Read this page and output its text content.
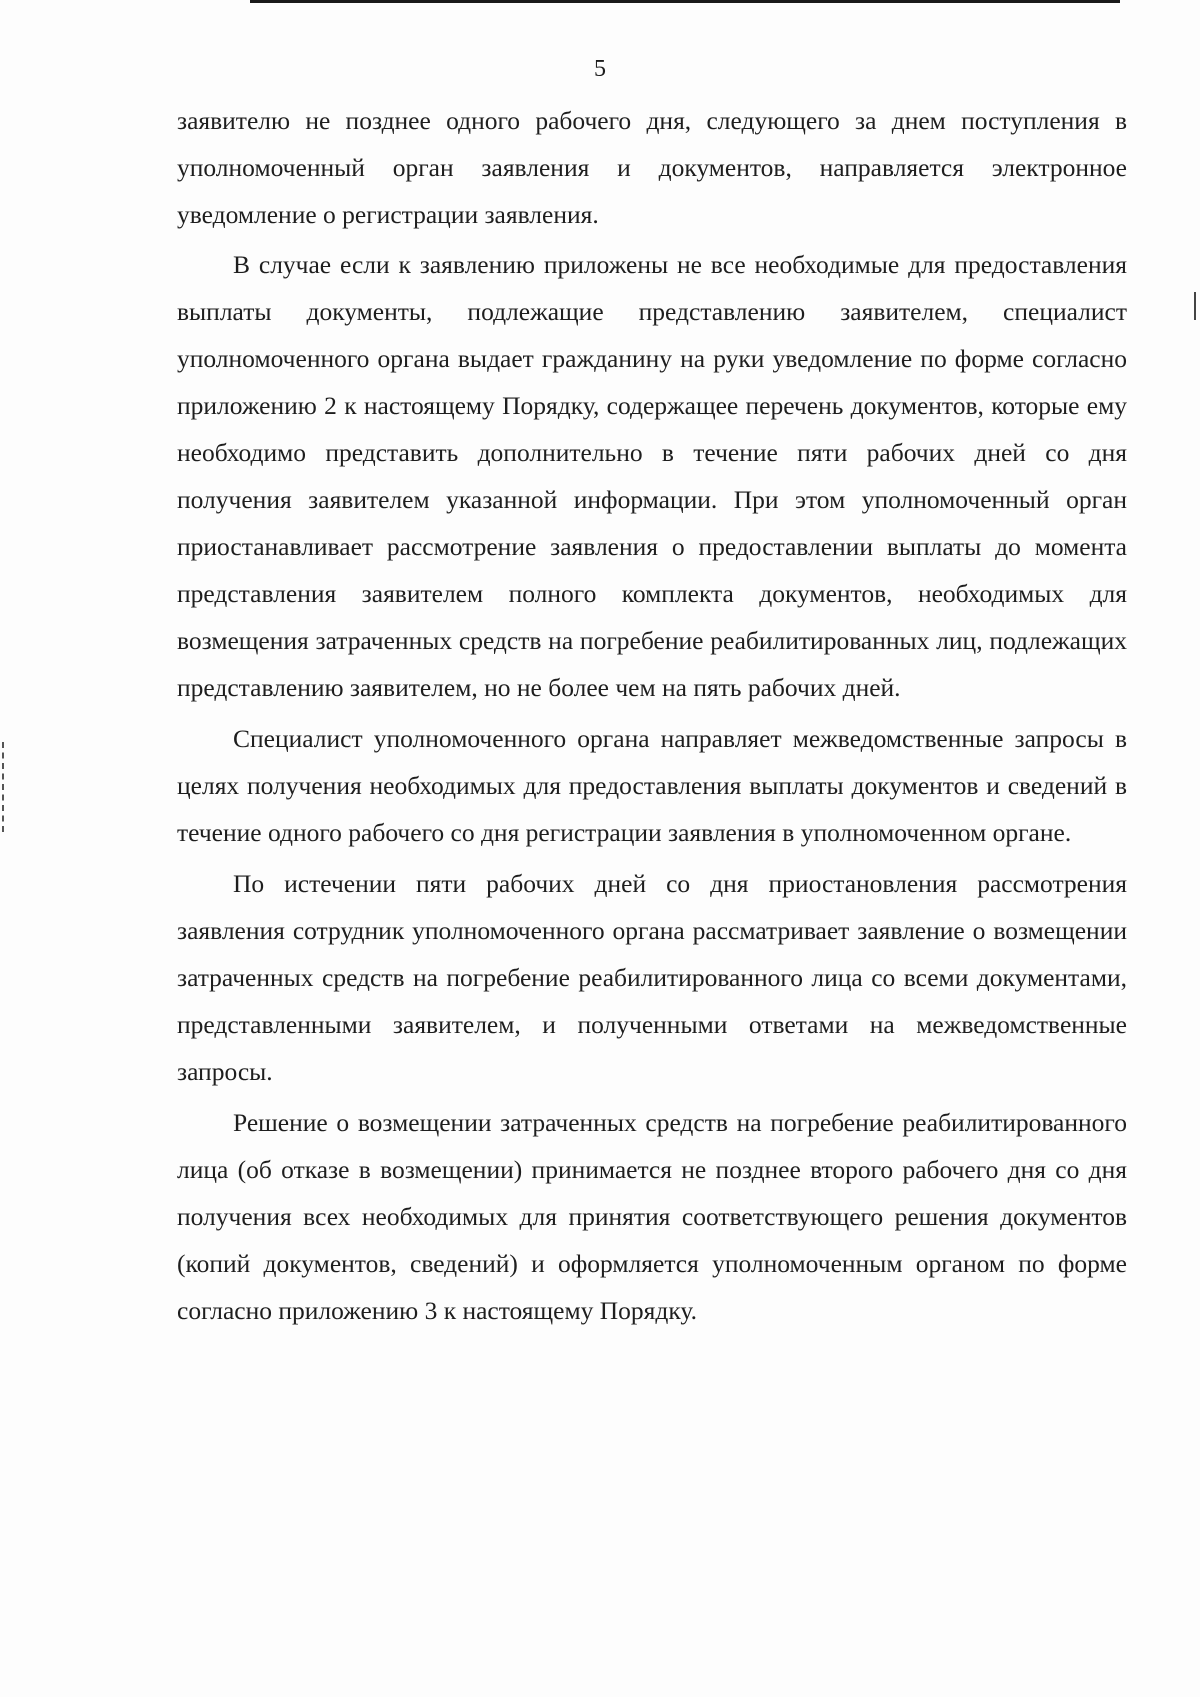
5

заявителю не позднее одного рабочего дня, следующего за днем поступления в уполномоченный орган заявления и документов, направляется электронное уведомление о регистрации заявления.

В случае если к заявлению приложены не все необходимые для предоставления выплаты документы, подлежащие представлению заявителем, специалист уполномоченного органа выдает гражданину на руки уведомление по форме согласно приложению 2 к настоящему Порядку, содержащее перечень документов, которые ему необходимо представить дополнительно в течение пяти рабочих дней со дня получения заявителем указанной информации. При этом уполномоченный орган приостанавливает рассмотрение заявления о предоставлении выплаты до момента представления заявителем полного комплекта документов, необходимых для возмещения затраченных средств на погребение реабилитированных лиц, подлежащих представлению заявителем, но не более чем на пять рабочих дней.

Специалист уполномоченного органа направляет межведомственные запросы в целях получения необходимых для предоставления выплаты документов и сведений в течение одного рабочего со дня регистрации заявления в уполномоченном органе.

По истечении пяти рабочих дней со дня приостановления рассмотрения заявления сотрудник уполномоченного органа рассматривает заявление о возмещении затраченных средств на погребение реабилитированного лица со всеми документами, представленными заявителем, и полученными ответами на межведомственные запросы.

Решение о возмещении затраченных средств на погребение реабилитированного лица (об отказе в возмещении) принимается не позднее второго рабочего дня со дня получения всех необходимых для принятия соответствующего решения документов (копий документов, сведений) и оформляется уполномоченным органом по форме согласно приложению 3 к настоящему Порядку.
